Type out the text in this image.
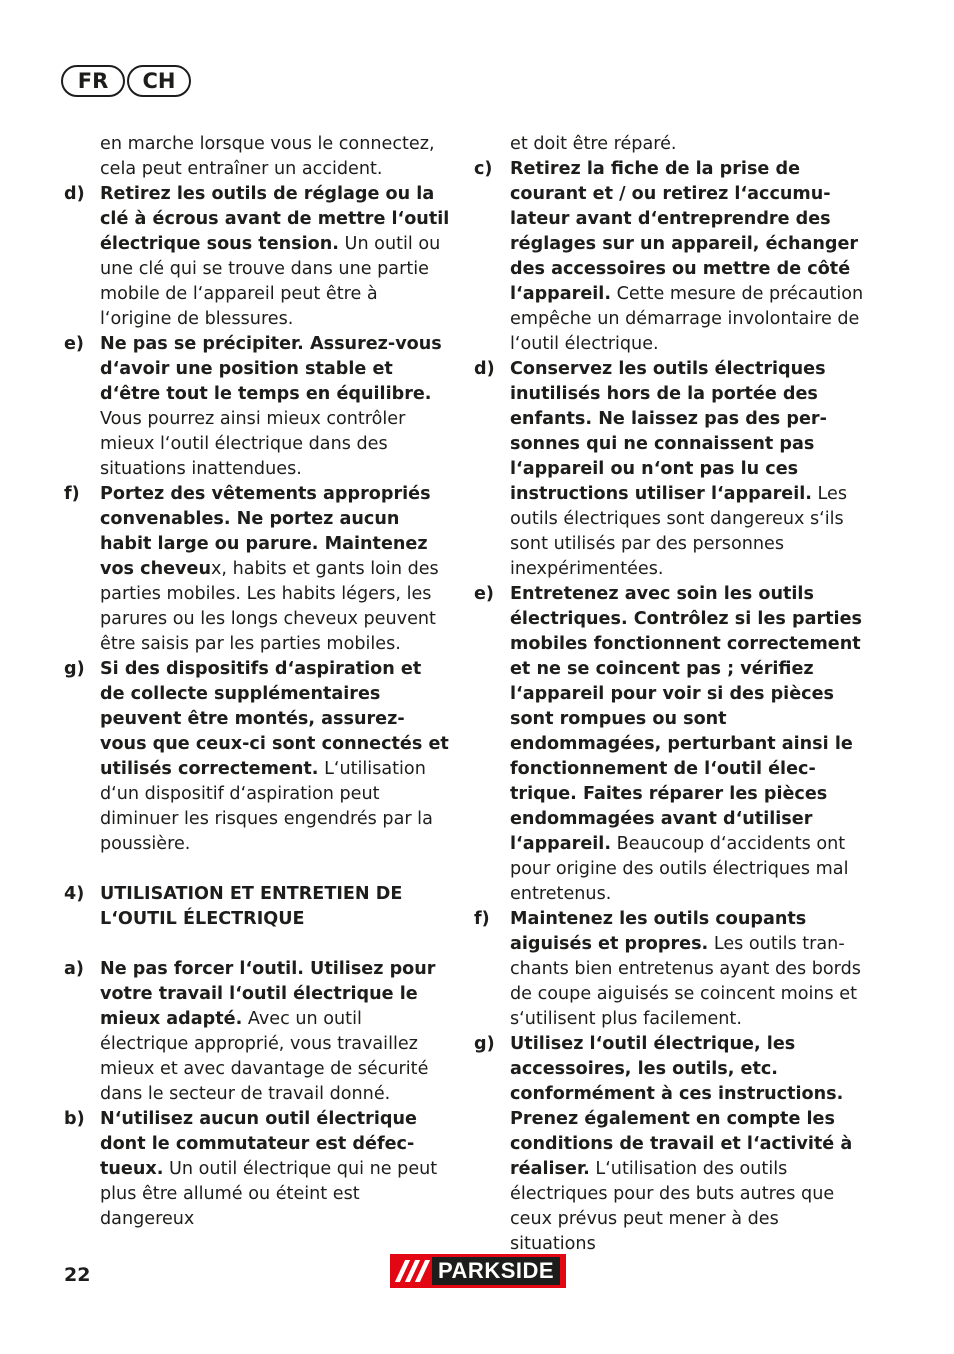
FR	CH
en marche lorsque vous le connectez,
cela peut entraîner un accident.
d) Retirez les outils de réglage ou la clé à écrous avant de mettre l‘outil électrique sous tension. Un outil ou une clé qui se trouve dans une partie mobile de l‘appareil peut être à l‘origine de blessures.
e) Ne pas se précipiter. Assurez-vous d‘avoir une position stable et d‘être tout le temps en équilibre. Vous pourrez ainsi mieux contrôler mieux l‘outil électrique dans des situations inattendues.
f)	Portez des vêtements appropriés convenables. Ne portez aucun habit large ou parure. Maintenez vos cheveux, habits et gants loin des parties mobiles. Les habits légers, les parures ou les longs cheveux peuvent être saisis par les parties mobiles.
g) Si des dispositifs d‘aspiration et de collecte supplémentaires peuvent être montés, assurez-vous que ceux-ci sont connectés et utilisés correctement. L‘utilisation d‘un dispositif d‘aspiration peut diminuer les risques engendrés par la poussière.
4) UTILISATION ET ENTRETIEN DE L‘OUTIL ÉLECTRIQUE
a) Ne pas forcer l‘outil. Utilisez pour votre travail l‘outil électrique le mieux adapté. Avec un outil électrique approprié, vous travaillez mieux et avec davantage de sécurité dans le secteur de travail donné.
b) N‘utilisez aucun outil électrique dont le commutateur est défectueux. Un outil électrique qui ne peut plus être allumé ou éteint est dangereux
et doit être réparé.
c) Retirez la fiche de la prise de courant et / ou retirez l‘accumulateur avant d‘entreprendre des réglages sur un appareil, échanger des accessoires ou mettre de côté l‘appareil. Cette mesure de précaution empêche un démarrage involontaire de l‘outil électrique.
d) Conservez les outils électriques inutilisés hors de la portée des enfants. Ne laissez pas des personnes qui ne connaissent pas l‘appareil ou n‘ont pas lu ces instructions utiliser l‘appareil. Les outils électriques sont dangereux s‘ils sont utilisés par des personnes inexpérimentées.
e) Entretenez avec soin les outils électriques. Contrôlez si les parties mobiles fonctionnent correctement et ne se coincent pas ; vérifiez l‘appareil pour voir si des pièces sont rompues ou sont endommagées, perturbant ainsi le fonctionnement de l‘outil électrique. Faites réparer les pièces endommagées avant d‘utiliser l‘appareil. Beaucoup d‘accidents ont pour origine des outils électriques mal entretenus.
f)	Maintenez les outils coupants aiguisés et propres. Les outils tranchants bien entretenus ayant des bords de coupe aiguisés se coincent moins et s‘utilisent plus facilement.
g) Utilisez l‘outil électrique, les accessoires, les outils, etc. conformément à ces instructions. Prenez également en compte les conditions de travail et l‘activité à réaliser. L‘utilisation des outils électriques pour des buts autres que ceux prévus peut mener à des situations
22	PARKSIDE
